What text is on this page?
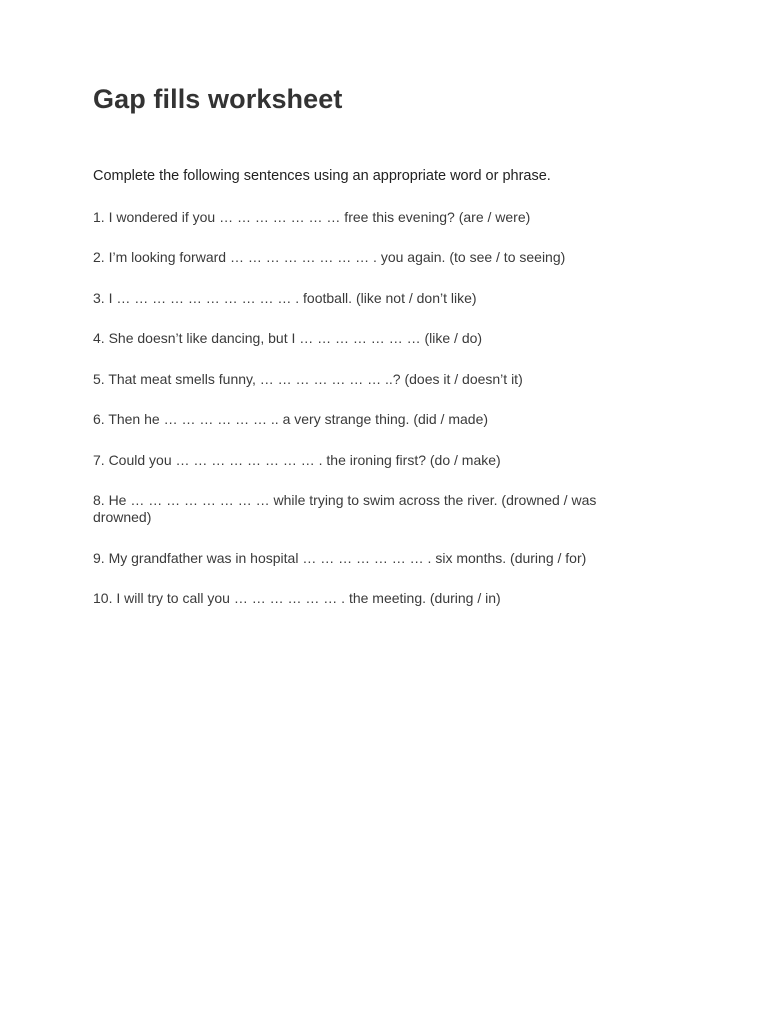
Gap fills worksheet

Complete the following sentences using an appropriate word or phrase.

1. I wondered if you … … … … … … … free this evening? (are / were)

2. I’m looking forward … … … … … … … … . you again. (to see / to seeing)

3. I … … … … … … … … … … . football. (like not / don’t like)

4. She doesn’t like dancing, but I … … … … … … … (like / do)

5. That meat smells funny, … … … … … … … ..? (does it / doesn’t it)

6. Then he … … … … … … .. a very strange thing. (did / made)

7. Could you … … … … … … … … . the ironing first? (do / make)

8. He … … … … … … … … while trying to swim across the river. (drowned / was drowned)

9. My grandfather was in hospital … … … … … … … . six months. (during / for)

10. I will try to call you … … … … … … . the meeting. (during / in)
